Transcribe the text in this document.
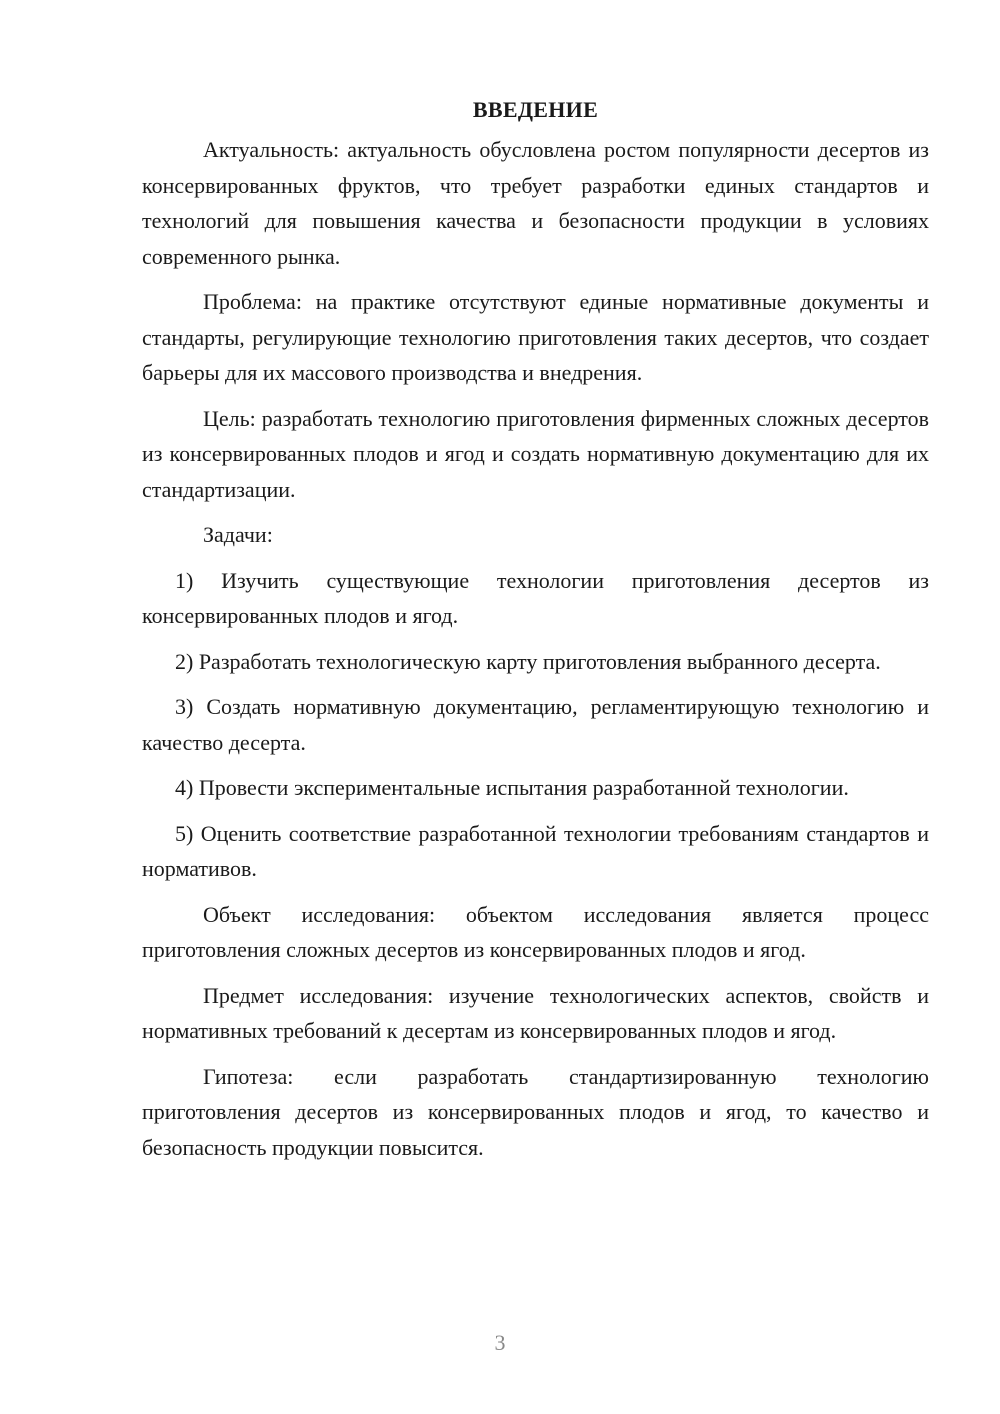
ВВЕДЕНИЕ

Актуальность: актуальность обусловлена ростом популярности десертов из консервированных фруктов, что требует разработки единых стандартов и технологий для повышения качества и безопасности продукции в условиях современного рынка.

Проблема: на практике отсутствуют единые нормативные документы и стандарты, регулирующие технологию приготовления таких десертов, что создает барьеры для их массового производства и внедрения.

Цель: разработать технологию приготовления фирменных сложных десертов из консервированных плодов и ягод и создать нормативную документацию для их стандартизации.

Задачи:

1) Изучить существующие технологии приготовления десертов из консервированных плодов и ягод.

2) Разработать технологическую карту приготовления выбранного десерта.

3) Создать нормативную документацию, регламентирующую технологию и качество десерта.

4) Провести экспериментальные испытания разработанной технологии.

5) Оценить соответствие разработанной технологии требованиям стандартов и нормативов.

Объект исследования: объектом исследования является процесс приготовления сложных десертов из консервированных плодов и ягод.

Предмет исследования: изучение технологических аспектов, свойств и нормативных требований к десертам из консервированных плодов и ягод.

Гипотеза: если разработать стандартизированную технологию приготовления десертов из консервированных плодов и ягод, то качество и безопасность продукции повысится.

3
